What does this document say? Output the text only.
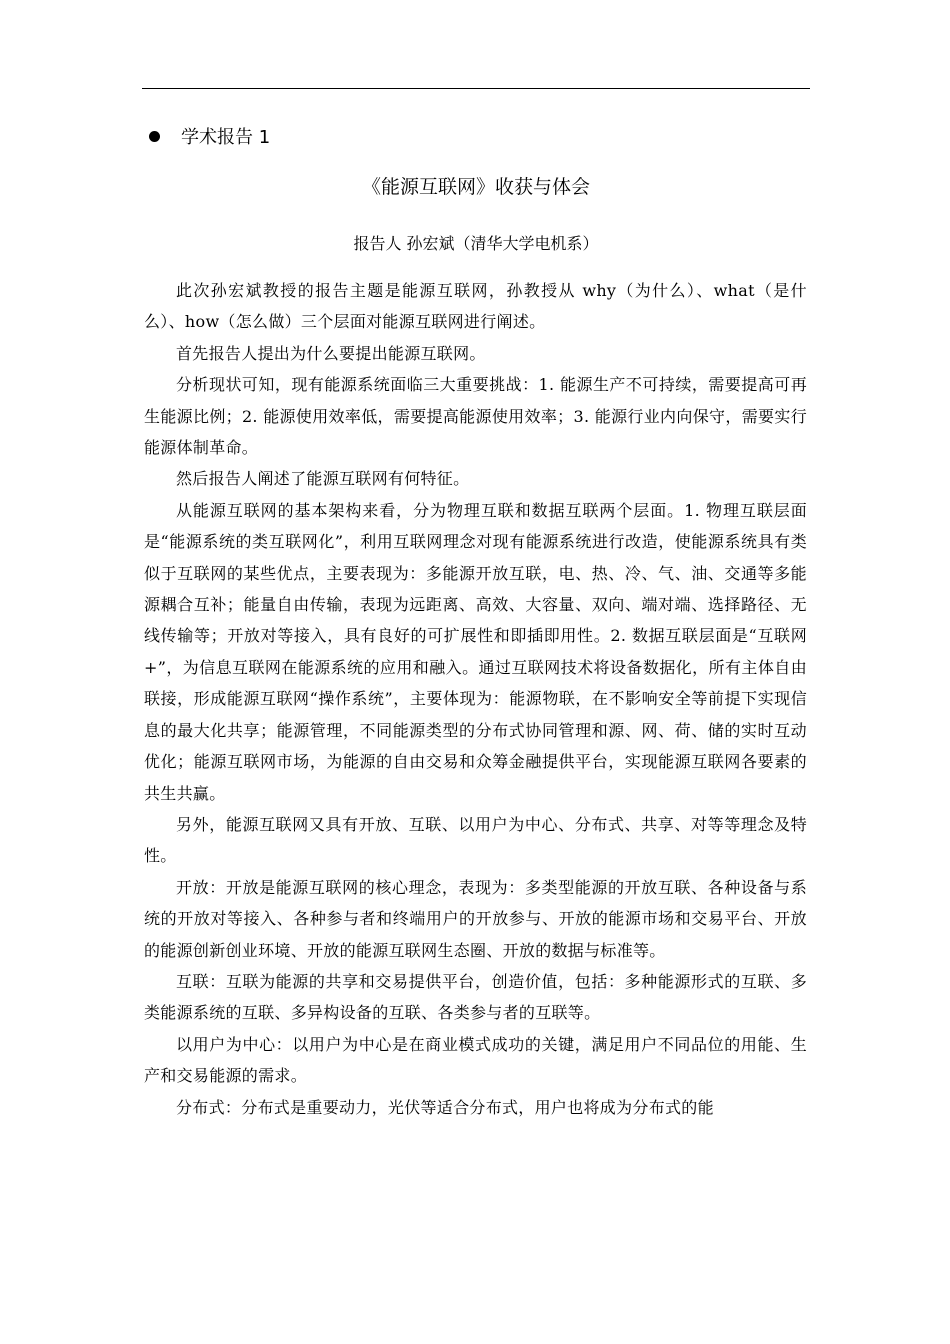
学术报告 1
《能源互联网》收获与体会
报告人 孙宏斌（清华大学电机系）

此次孙宏斌教授的报告主题是能源互联网，孙教授从 why（为什么）、what（是什么）、how（怎么做）三个层面对能源互联网进行阐述。

首先报告人提出为什么要提出能源互联网。

分析现状可知，现有能源系统面临三大重要挑战：1. 能源生产不可持续，需要提高可再生能源比例；2. 能源使用效率低，需要提高能源使用效率；3. 能源行业内向保守，需要实行能源体制革命。

然后报告人阐述了能源互联网有何特征。

从能源互联网的基本架构来看，分为物理互联和数据互联两个层面。1. 物理互联层面是“能源系统的类互联网化”，利用互联网理念对现有能源系统进行改造，使能源系统具有类似于互联网的某些优点，主要表现为：多能源开放互联，电、热、冷、气、油、交通等多能源耦合互补；能量自由传输，表现为远距离、高效、大容量、双向、端对端、选择路径、无线传输等；开放对等接入，具有良好的可扩展性和即插即用性。2. 数据互联层面是“互联网+”，为信息互联网在能源系统的应用和融入。通过互联网技术将设备数据化，所有主体自由联接，形成能源互联网“操作系统”，主要体现为：能源物联，在不影响安全等前提下实现信息的最大化共享；能源管理，不同能源类型的分布式协同管理和源、网、荷、储的实时互动优化；能源互联网市场，为能源的自由交易和众筹金融提供平台，实现能源互联网各要素的共生共赢。

另外，能源互联网又具有开放、互联、以用户为中心、分布式、共享、对等等理念及特性。

开放：开放是能源互联网的核心理念，表现为：多类型能源的开放互联、各种设备与系统的开放对等接入、各种参与者和终端用户的开放参与、开放的能源市场和交易平台、开放的能源创新创业环境、开放的能源互联网生态圈、开放的数据与标准等。

互联：互联为能源的共享和交易提供平台，创造价值，包括：多种能源形式的互联、多类能源系统的互联、多异构设备的互联、各类参与者的互联等。

以用户为中心：以用户为中心是在商业模式成功的关键，满足用户不同品位的用能、生产和交易能源的需求。

分布式：分布式是重要动力，光伏等适合分布式，用户也将成为分布式的能
